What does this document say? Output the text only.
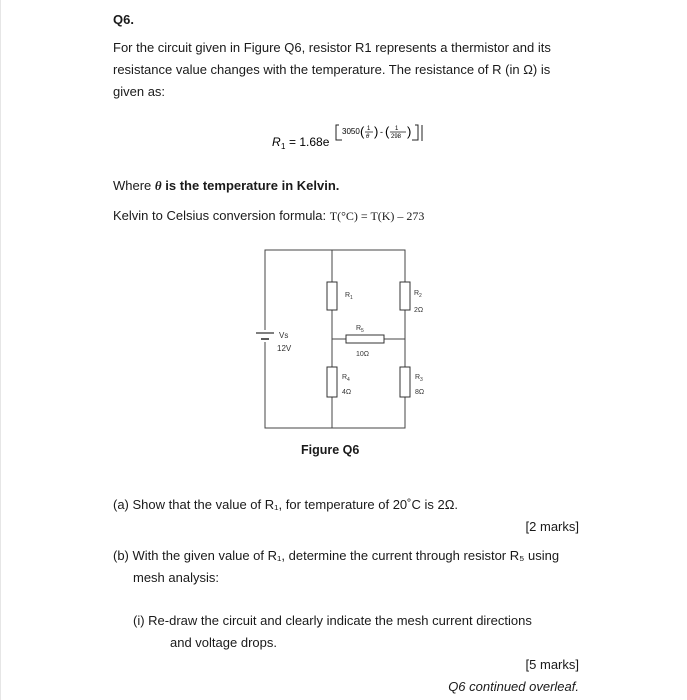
Q6.
For the circuit given in Figure Q6, resistor R1 represents a thermistor and its
resistance value changes with the temperature. The resistance of R (in Ω) is
given as:
R 1 = 1.68e
3050 ( 1
θ ) - ( 1
298 )
Where θ is the temperature in Kelvin.
Kelvin to Celsius conversion formula: T(°C) = T(K) – 273
Vs
12V
R 1
R 2
2Ω
R 5
10Ω
R 4
4Ω
R 3
8Ω
Figure Q6
(a) Show that the value of R₁, for temperature of 20˚C is 2Ω.
[2 marks]
(b) With the given value of R₁, determine the current through resistor R₅ using
mesh analysis:
(i) Re-draw the circuit and clearly indicate the mesh current directions
and voltage drops.
[5 marks]
Q6 continued overleaf.
